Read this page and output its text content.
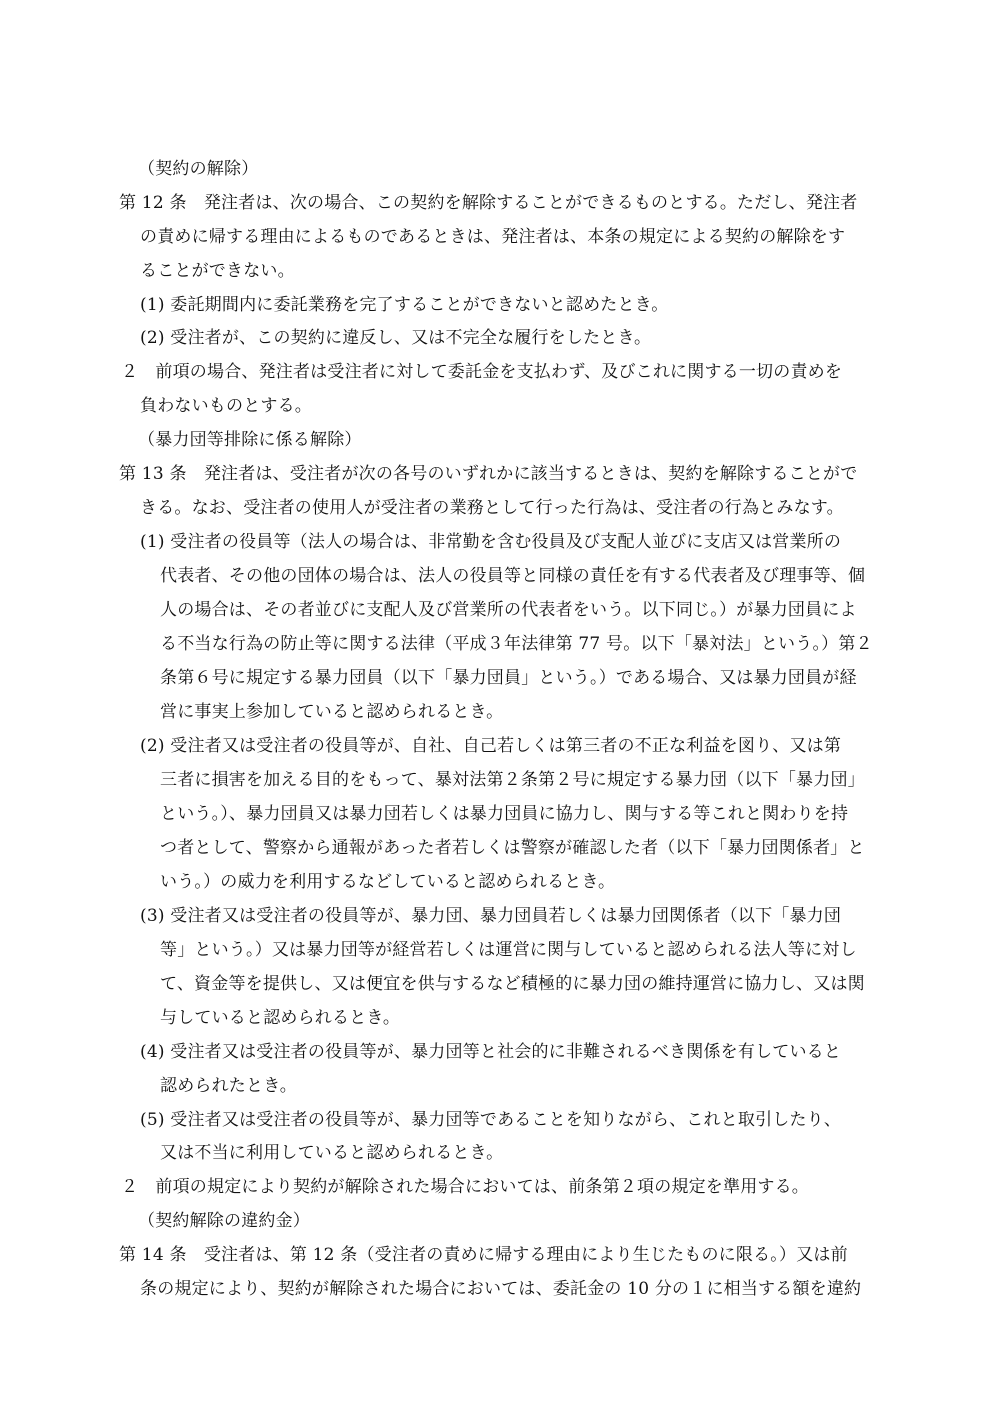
（契約の解除）
第 12 条　発注者は、次の場合、この契約を解除することができるものとする。ただし、発注者
の責めに帰する理由によるものであるときは、発注者は、本条の規定による契約の解除をす
ることができない。
(1) 委託期間内に委託業務を完了することができないと認めたとき。
(2) 受注者が、この契約に違反し、又は不完全な履行をしたとき。
２　前項の場合、発注者は受注者に対して委託金を支払わず、及びこれに関する一切の責めを
負わないものとする。
（暴力団等排除に係る解除）
第 13 条　発注者は、受注者が次の各号のいずれかに該当するときは、契約を解除することがで
きる。なお、受注者の使用人が受注者の業務として行った行為は、受注者の行為とみなす。
(1) 受注者の役員等（法人の場合は、非常勤を含む役員及び支配人並びに支店又は営業所の
代表者、その他の団体の場合は、法人の役員等と同様の責任を有する代表者及び理事等、個
人の場合は、その者並びに支配人及び営業所の代表者をいう。以下同じ。）が暴力団員によ
る不当な行為の防止等に関する法律（平成３年法律第 77 号。以下「暴対法」という。）第２
条第６号に規定する暴力団員（以下「暴力団員」という。）である場合、又は暴力団員が経
営に事実上参加していると認められるとき。
(2) 受注者又は受注者の役員等が、自社、自己若しくは第三者の不正な利益を図り、又は第
三者に損害を加える目的をもって、暴対法第２条第２号に規定する暴力団（以下「暴力団」
という。）、暴力団員又は暴力団若しくは暴力団員に協力し、関与する等これと関わりを持
つ者として、警察から通報があった者若しくは警察が確認した者（以下「暴力団関係者」と
いう。）の威力を利用するなどしていると認められるとき。
(3) 受注者又は受注者の役員等が、暴力団、暴力団員若しくは暴力団関係者（以下「暴力団
等」という。）又は暴力団等が経営若しくは運営に関与していると認められる法人等に対し
て、資金等を提供し、又は便宜を供与するなど積極的に暴力団の維持運営に協力し、又は関
与していると認められるとき。
(4) 受注者又は受注者の役員等が、暴力団等と社会的に非難されるべき関係を有していると
認められたとき。
(5) 受注者又は受注者の役員等が、暴力団等であることを知りながら、これと取引したり、
又は不当に利用していると認められるとき。
２　前項の規定により契約が解除された場合においては、前条第２項の規定を準用する。
（契約解除の違約金）
第 14 条　受注者は、第 12 条（受注者の責めに帰する理由により生じたものに限る。）又は前
条の規定により、契約が解除された場合においては、委託金の 10 分の１に相当する額を違約
